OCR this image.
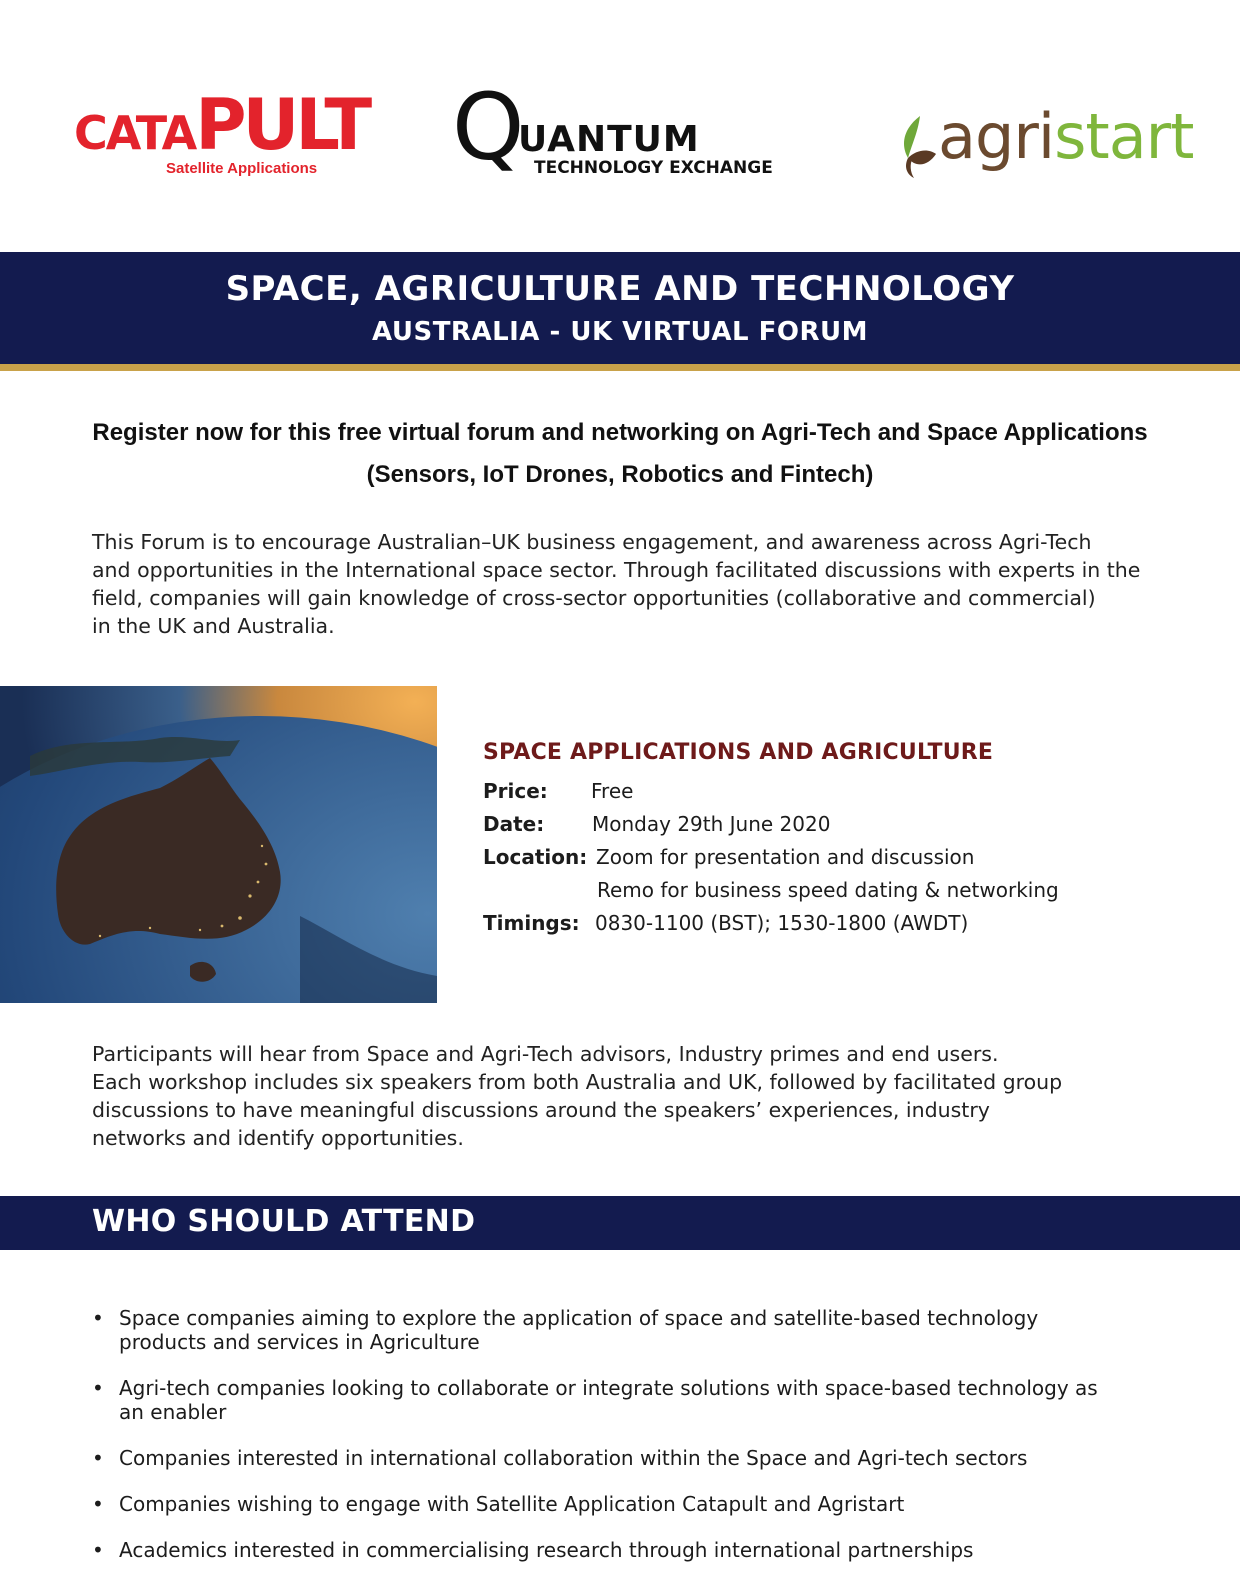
CATAPULT
Satellite Applications Q
UANTUM
TECHNOLOGY EXCHANGE	agristart
SPACE, AGRICULTURE AND TECHNOLOGY
AUSTRALIA - UK VIRTUAL FORUM
Register now for this free virtual forum and networking on Agri-Tech and Space Applications
(Sensors, IoT Drones, Robotics and Fintech)

This Forum is to encourage Australian–UK business engagement, and awareness across Agri-Tech

and opportunities in the International space sector. Through facilitated discussions with experts in the

field, companies will gain knowledge of cross-sector opportunities (collaborative and commercial)

in the UK and Australia.

SPACE APPLICATIONS AND AGRICULTURE
Price: Free
Date: Monday 29th June 2020
Location: Zoom for presentation and discussion
Remo for business speed dating & networking
Timings: 0830-1100 (BST); 1530-1800 (AWDT)

Participants will hear from Space and Agri-Tech advisors, Industry primes and end users.

Each workshop includes six speakers from both Australia and UK, followed by facilitated group

discussions to have meaningful discussions around the speakers’ experiences, industry

networks and identify opportunities.

WHO SHOULD ATTEND
• Space companies aiming to explore the application of space and satellite-based technology
products and services in Agriculture
• Agri-tech companies looking to collaborate or integrate solutions with space-based technology as
an enabler
• Companies interested in international collaboration within the Space and Agri-tech sectors
• Companies wishing to engage with Satellite Application Catapult and Agristart
• Academics interested in commercialising research through international partnerships
